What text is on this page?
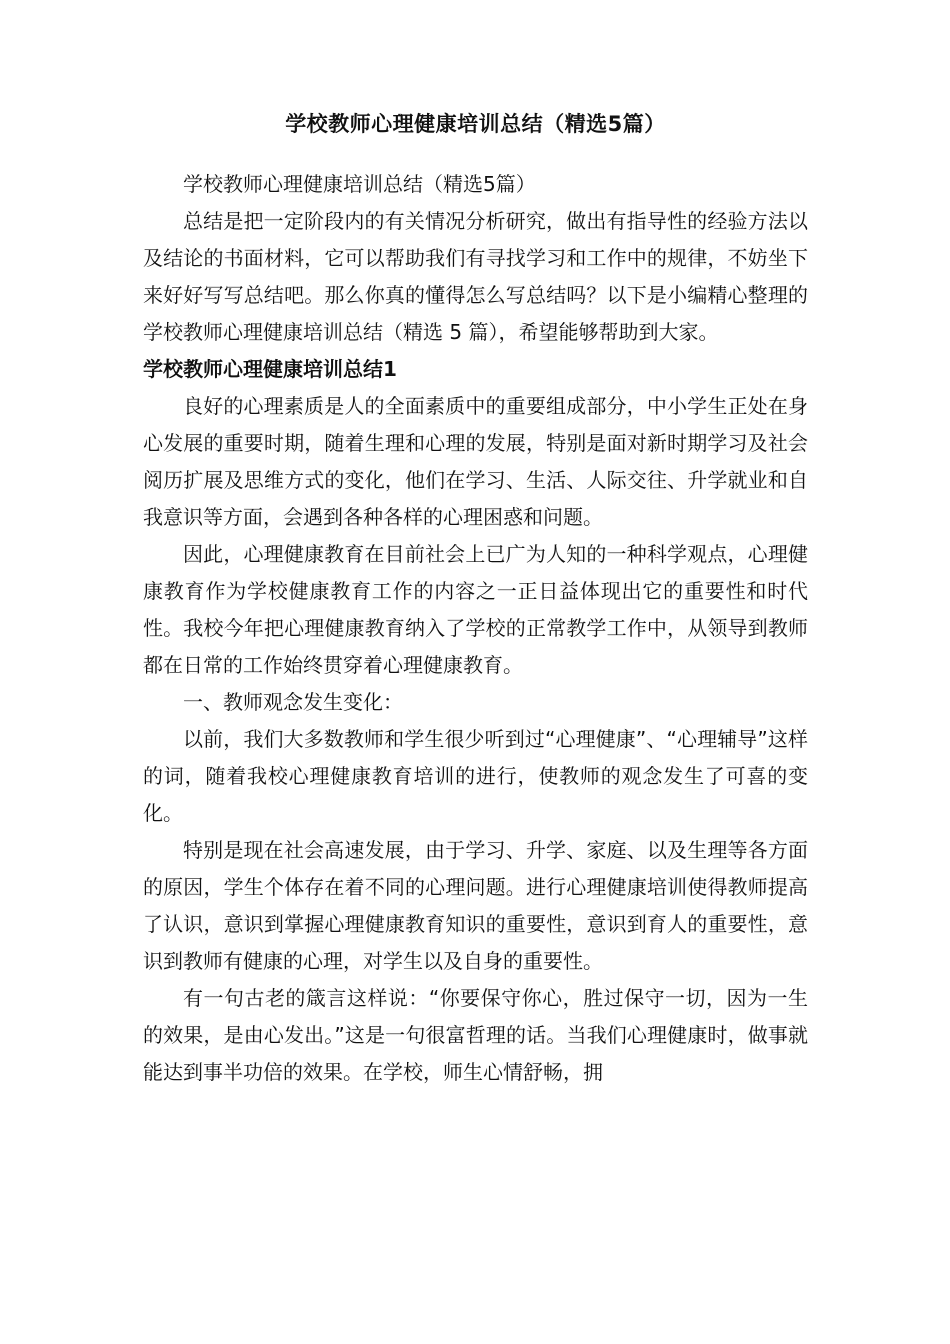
学校教师心理健康培训总结（精选5篇）

学校教师心理健康培训总结（精选5篇）

总结是把一定阶段内的有关情况分析研究，做出有指导性的经验方法以及结论的书面材料，它可以帮助我们有寻找学习和工作中的规律，不妨坐下来好好写写总结吧。那么你真的懂得怎么写总结吗？以下是小编精心整理的学校教师心理健康培训总结（精选 5 篇），希望能够帮助到大家。

学校教师心理健康培训总结1

良好的心理素质是人的全面素质中的重要组成部分，中小学生正处在身心发展的重要时期，随着生理和心理的发展，特别是面对新时期学习及社会阅历扩展及思维方式的变化，他们在学习、生活、人际交往、升学就业和自我意识等方面，会遇到各种各样的心理困惑和问题。

因此，心理健康教育在目前社会上已广为人知的一种科学观点，心理健康教育作为学校健康教育工作的内容之一正日益体现出它的重要性和时代性。我校今年把心理健康教育纳入了学校的正常教学工作中，从领导到教师都在日常的工作始终贯穿着心理健康教育。

一、教师观念发生变化：

以前，我们大多数教师和学生很少听到过“心理健康”、“心理辅导”这样的词，随着我校心理健康教育培训的进行，使教师的观念发生了可喜的变化。

特别是现在社会高速发展，由于学习、升学、家庭、以及生理等各方面的原因，学生个体存在着不同的心理问题。进行心理健康培训使得教师提高了认识，意识到掌握心理健康教育知识的重要性，意识到育人的重要性，意识到教师有健康的心理，对学生以及自身的重要性。

有一句古老的箴言这样说：“你要保守你心，胜过保守一切，因为一生的效果，是由心发出。”这是一句很富哲理的话。当我们心理健康时，做事就能达到事半功倍的效果。在学校，师生心情舒畅，拥
